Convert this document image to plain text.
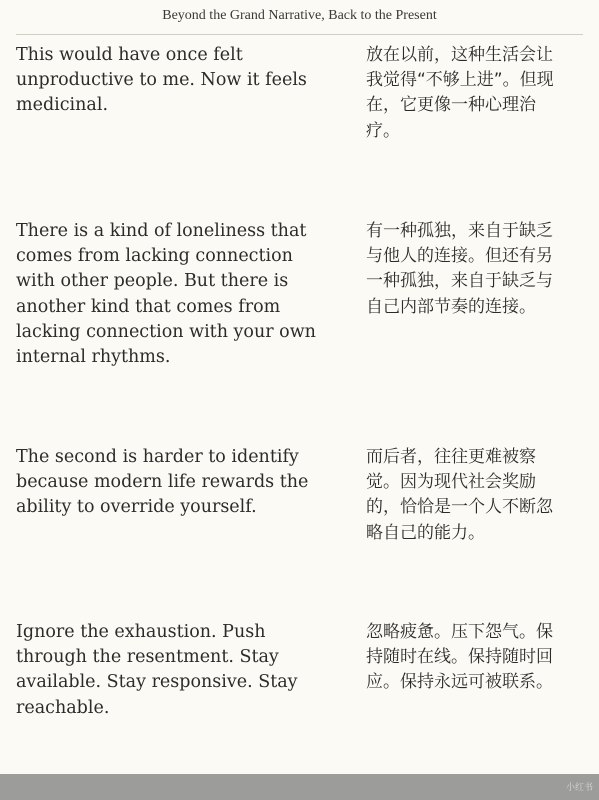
Beyond the Grand Narrative, Back to the Present
This would have once felt unproductive to me. Now it feels medicinal.
放在以前，这种生活会让我觉得“不够上进”。但现在，它更像一种心理治疗。
There is a kind of loneliness that comes from lacking connection with other people. But there is another kind that comes from lacking connection with your own internal rhythms.
有一种孤独，来自于缺乏与他人的连接。但还有另一种孤独，来自于缺乏与自己内部节奏的连接。
The second is harder to identify because modern life rewards the ability to override yourself.
而后者，往往更难被察觉。因为现代社会奖励的，恰恰是一个人不断忽略自己的能力。
Ignore the exhaustion. Push through the resentment. Stay available. Stay responsive. Stay reachable.
忽略疲惫。压下怨气。保持随时在线。保持随时回应。保持永远可被联系。
小红书
